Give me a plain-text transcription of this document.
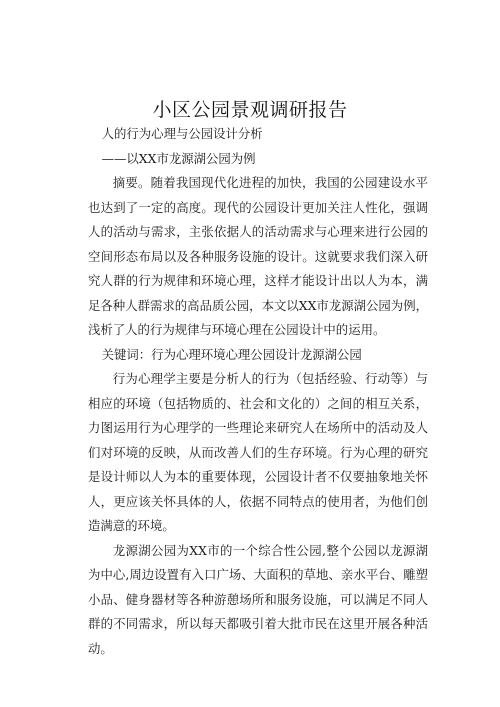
小区公园景观调研报告

人的行为心理与公园设计分析

——以XX市龙源湖公园为例

摘要。随着我国现代化进程的加快，我国的公园建设水平也达到了一定的高度。现代的公园设计更加关注人性化，强调人的活动与需求，主张依据人的活动需求与心理来进行公园的空间形态布局以及各种服务设施的设计。这就要求我们深入研究人群的行为规律和环境心理，这样才能设计出以人为本，满足各种人群需求的高品质公园，本文以XX市龙源湖公园为例，浅析了人的行为规律与环境心理在公园设计中的运用。

关键词：行为心理环境心理公园设计龙源湖公园

行为心理学主要是分析人的行为（包括经验、行动等）与相应的环境（包括物质的、社会和文化的）之间的相互关系，力图运用行为心理学的一些理论来研究人在场所中的活动及人们对环境的反映，从而改善人们的生存环境。行为心理的研究是设计师以人为本的重要体现，公园设计者不仅要抽象地关怀人，更应该关怀具体的人，依据不同特点的使用者，为他们创造满意的环境。

龙源湖公园为XX市的一个综合性公园,整个公园以龙源湖为中心,周边设置有入口广场、大面积的草地、亲水平台、雕塑小品、健身器材等各种游憩场所和服务设施，可以满足不同人群的不同需求，所以每天都吸引着大批市民在这里开展各种活动。
